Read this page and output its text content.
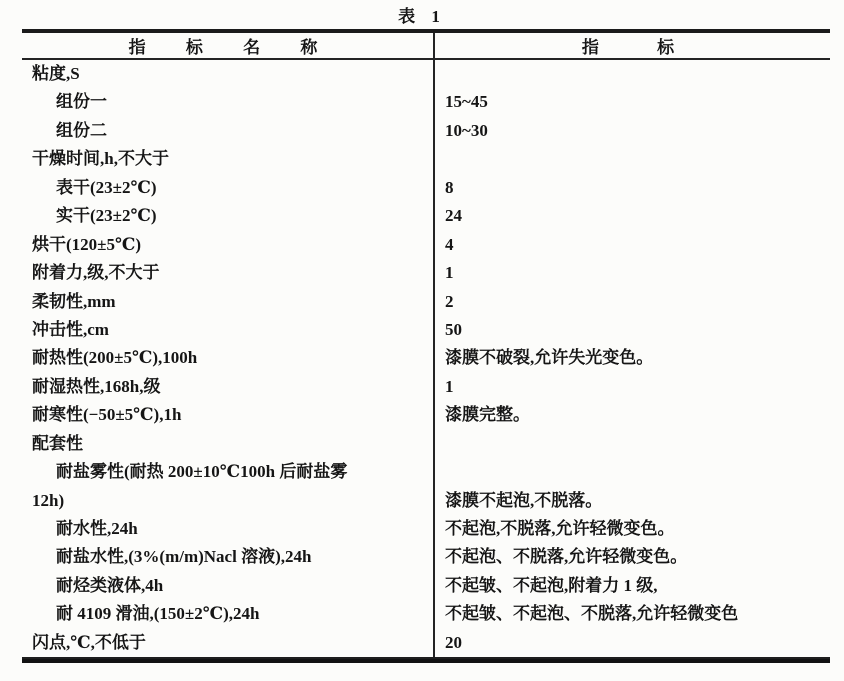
表 1
指 标 名 称	指 标
粘度,S
组份一	15~45
组份二	10~30
干燥时间,h,不大于
表干(23±2℃)	8
实干(23±2℃)	24
烘干(120±5℃)	4
附着力,级,不大于	1
柔韧性,mm	2
冲击性,cm	50
耐热性(200±5℃),100h	漆膜不破裂,允许失光变色。
耐湿热性,168h,级	1
耐寒性(−50±5℃),1h	漆膜完整。
配套性
耐盐雾性(耐热 200±10℃100h 后耐盐雾
12h)	漆膜不起泡,不脱落。
耐水性,24h	不起泡,不脱落,允许轻微变色。
耐盐水性,(3%(m/m)Nacl 溶液),24h	不起泡、不脱落,允许轻微变色。
耐烃类液体,4h	不起皱、不起泡,附着力 1 级,
耐 4109 滑油,(150±2℃),24h	不起皱、不起泡、不脱落,允许轻微变色
闪点,℃,不低于	20
